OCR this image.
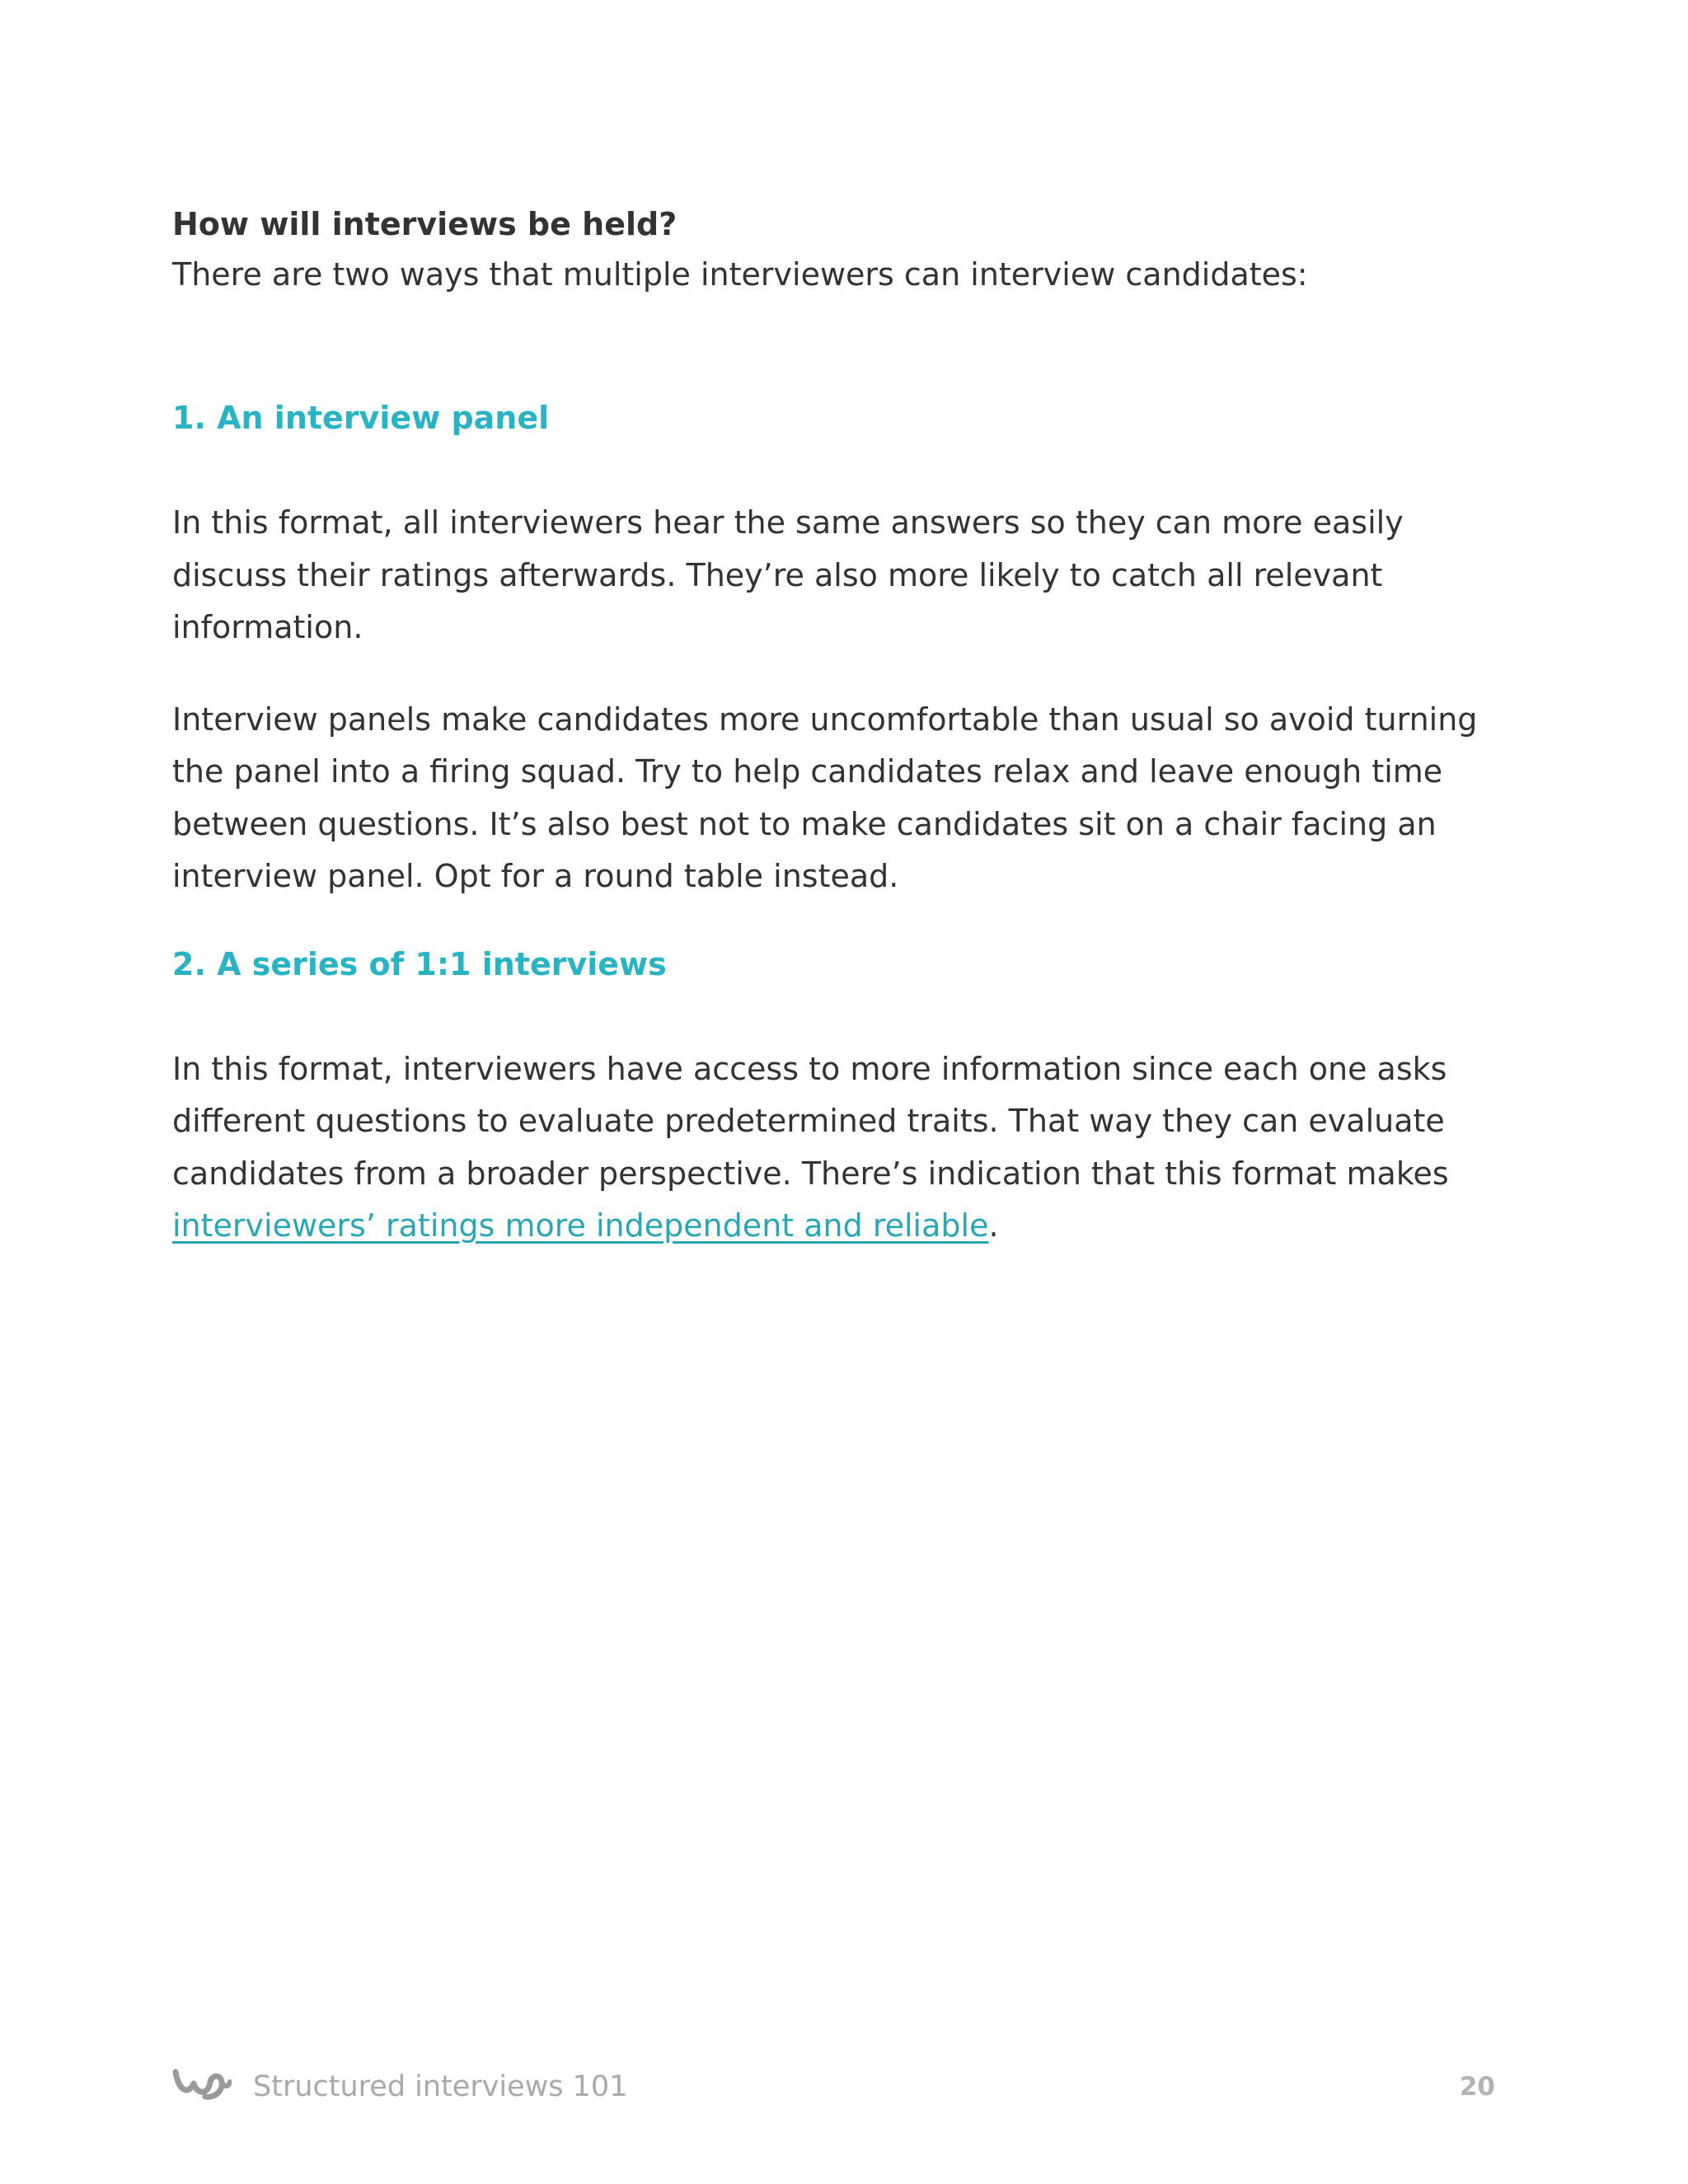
How will interviews be held?

There are two ways that multiple interviewers can interview candidates:

1. An interview panel

In this format, all interviewers hear the same answers so they can more easily discuss their ratings afterwards. They’re also more likely to catch all relevant information.

Interview panels make candidates more uncomfortable than usual so avoid turning the panel into a firing squad. Try to help candidates relax and leave enough time between questions. It’s also best not to make candidates sit on a chair facing an interview panel. Opt for a round table instead.

2. A series of 1:1 interviews

In this format, interviewers have access to more information since each one asks different questions to evaluate predetermined traits. That way they can evaluate candidates from a broader perspective. There’s indication that this format makes interviewers’ ratings more independent and reliable.

Structured interviews 101	20
